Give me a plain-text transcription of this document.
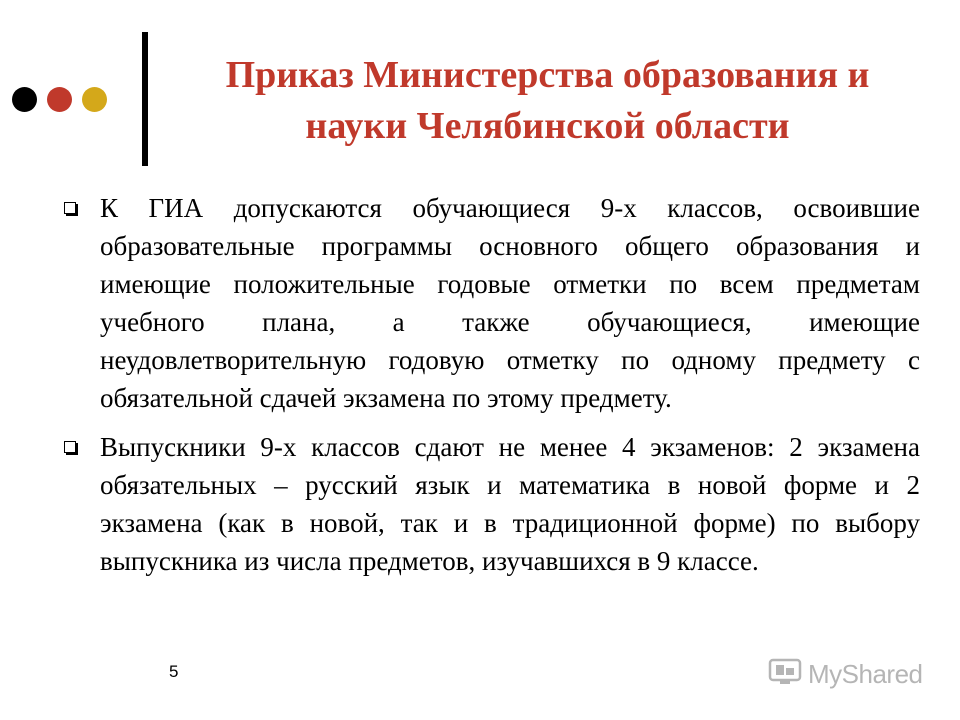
Приказ Министерства образования и
науки Челябинской области
К ГИА допускаются обучающиеся 9-х классов, освоившие образовательные программы основного общего образования и имеющие положительные годовые отметки по всем предметам учебного плана, а также обучающиеся, имеющие неудовлетворительную годовую отметку по одному предмету с обязательной сдачей экзамена по этому предмету.
Выпускники 9-х классов сдают не менее 4 экзаменов: 2 экзамена обязательных – русский язык и математика в новой форме и 2 экзамена (как в новой, так и в традиционной форме) по выбору выпускника из числа предметов, изучавшихся в 9 классе.
5	MyShared
